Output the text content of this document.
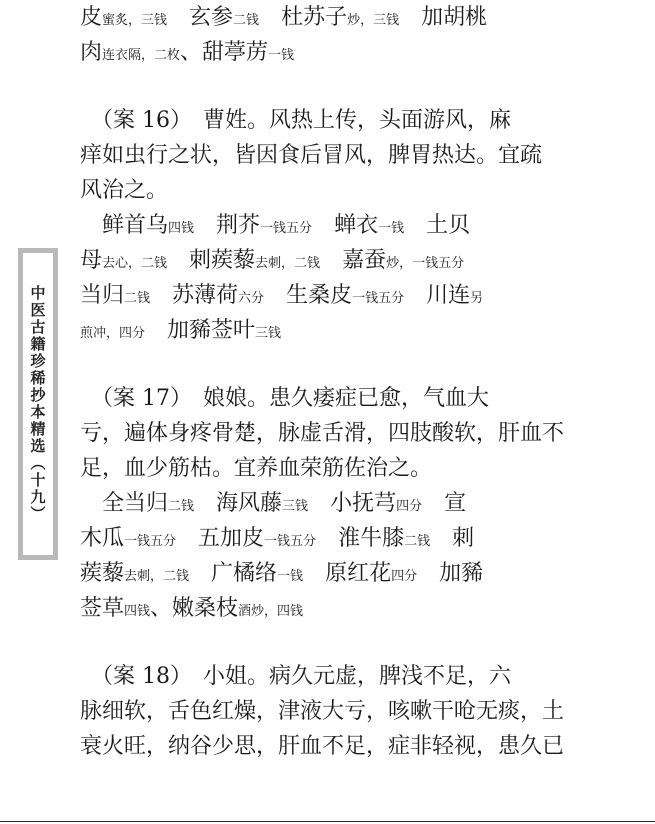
中医古籍珍稀抄本精选（十九）
皮蜜炙，三钱　玄参二钱　杜苏子炒，三钱　加胡桃
肉连衣隔，二枚、甜葶苈一钱
　（案 16）　曹姓。风热上传，头面游风，麻
痒如虫行之状，皆因食后冒风，脾胃热达。宜疏
风治之。
　鲜首乌四钱　荆芥一钱五分　蝉衣一钱　土贝
母去心，二钱　刺蒺藜去刺，二钱　嘉蚕炒，一钱五分
当归二钱　苏薄荷六分　生桑皮一钱五分　川连另
煎冲，四分　加豨莶叶三钱
　（案 17）　娘娘。患久痿症已愈，气血大
亏，遍体身疼骨楚，脉虚舌滑，四肢酸软，肝血不
足，血少筋枯。宜养血荣筋佐治之。
　全当归二钱　海风藤三钱　小抚芎四分　宣
木瓜一钱五分　五加皮一钱五分　淮牛膝二钱　刺
蒺藜去刺，二钱　广橘络一钱　原红花四分　加豨
莶草四钱、嫩桑枝酒炒，四钱
　（案 18）　小姐。病久元虚，脾浅不足，六
脉细软，舌色红燥，津液大亏，咳嗽干呛无痰，土
衰火旺，纳谷少思，肝血不足，症非轻视，患久已
